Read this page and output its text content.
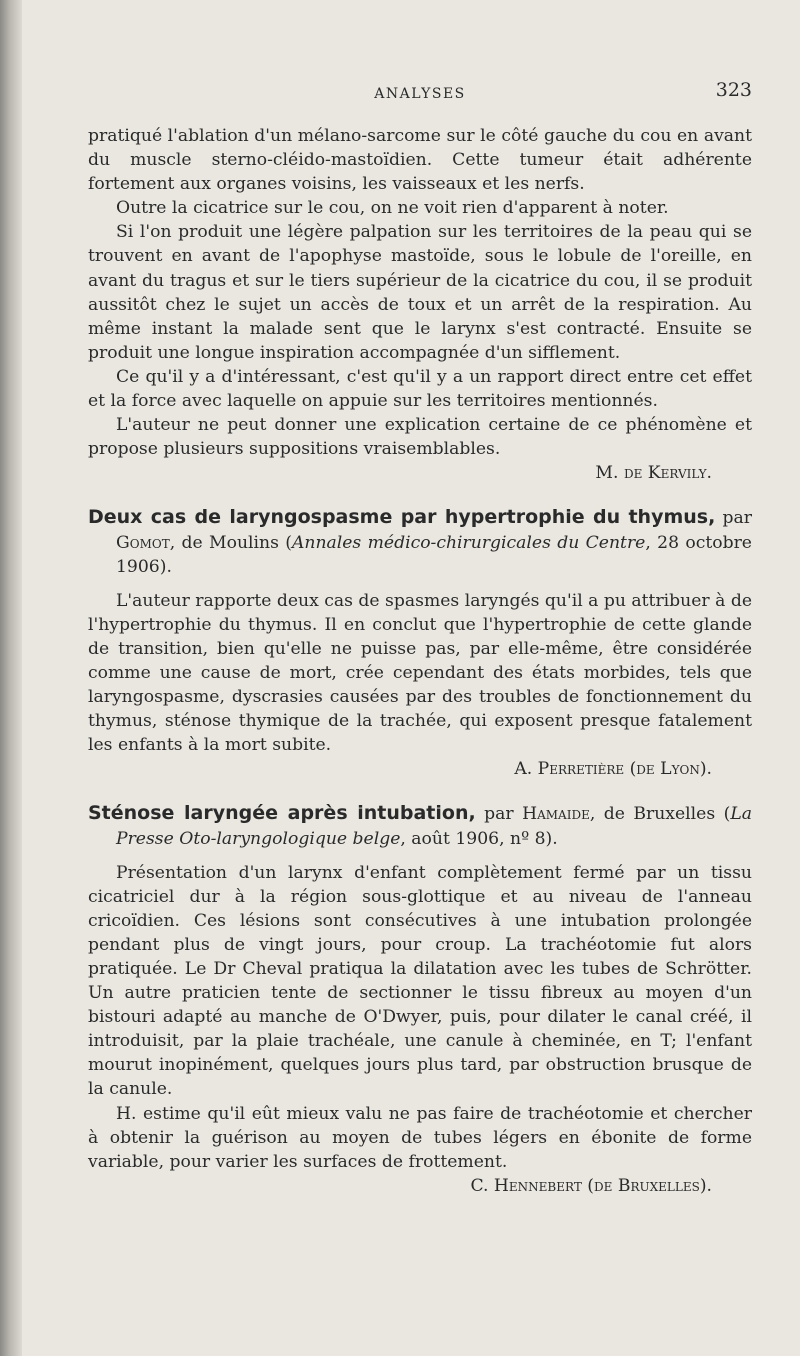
ANALYSES	323

pratiqué l'ablation d'un mélano-sarcome sur le côté gauche du cou en avant du muscle sterno-cléido-mastoïdien. Cette tumeur était adhérente fortement aux organes voisins, les vaisseaux et les nerfs.

Outre la cicatrice sur le cou, on ne voit rien d'apparent à noter.

Si l'on produit une légère palpation sur les territoires de la peau qui se trouvent en avant de l'apophyse mastoïde, sous le lobule de l'oreille, en avant du tragus et sur le tiers supérieur de la cicatrice du cou, il se produit aussitôt chez le sujet un accès de toux et un arrêt de la respiration. Au même instant la malade sent que le larynx s'est contracté. Ensuite se produit une longue inspiration accompagnée d'un sifflement.

Ce qu'il y a d'intéressant, c'est qu'il y a un rapport direct entre cet effet et la force avec laquelle on appuie sur les territoires mentionnés.

L'auteur ne peut donner une explication certaine de ce phénomène et propose plusieurs suppositions vraisemblables.

M. de Kervily.

Deux cas de laryngospasme par hypertrophie du thymus, par Gomot, de Moulins (Annales médico-chirurgicales du Centre, 28 octobre 1906).

L'auteur rapporte deux cas de spasmes laryngés qu'il a pu attribuer à de l'hypertrophie du thymus. Il en conclut que l'hypertrophie de cette glande de transition, bien qu'elle ne puisse pas, par elle-même, être considérée comme une cause de mort, crée cependant des états morbides, tels que laryngospasme, dyscrasies causées par des troubles de fonctionnement du thymus, sténose thymique de la trachée, qui exposent presque fatalement les enfants à la mort subite.

A. Perretière (de Lyon).

Sténose laryngée après intubation, par Hamaide, de Bruxelles (La Presse Oto-laryngologique belge, août 1906, nº 8).

Présentation d'un larynx d'enfant complètement fermé par un tissu cicatriciel dur à la région sous-glottique et au niveau de l'anneau cricoïdien. Ces lésions sont consécutives à une intubation prolongée pendant plus de vingt jours, pour croup. La trachéotomie fut alors pratiquée. Le Dr Cheval pratiqua la dilatation avec les tubes de Schrötter. Un autre praticien tente de sectionner le tissu fibreux au moyen d'un bistouri adapté au manche de O'Dwyer, puis, pour dilater le canal créé, il introduisit, par la plaie trachéale, une canule à cheminée, en T; l'enfant mourut inopinément, quelques jours plus tard, par obstruction brusque de la canule.

H. estime qu'il eût mieux valu ne pas faire de trachéotomie et chercher à obtenir la guérison au moyen de tubes légers en ébonite de forme variable, pour varier les surfaces de frottement.

C. Hennebert (de Bruxelles).
